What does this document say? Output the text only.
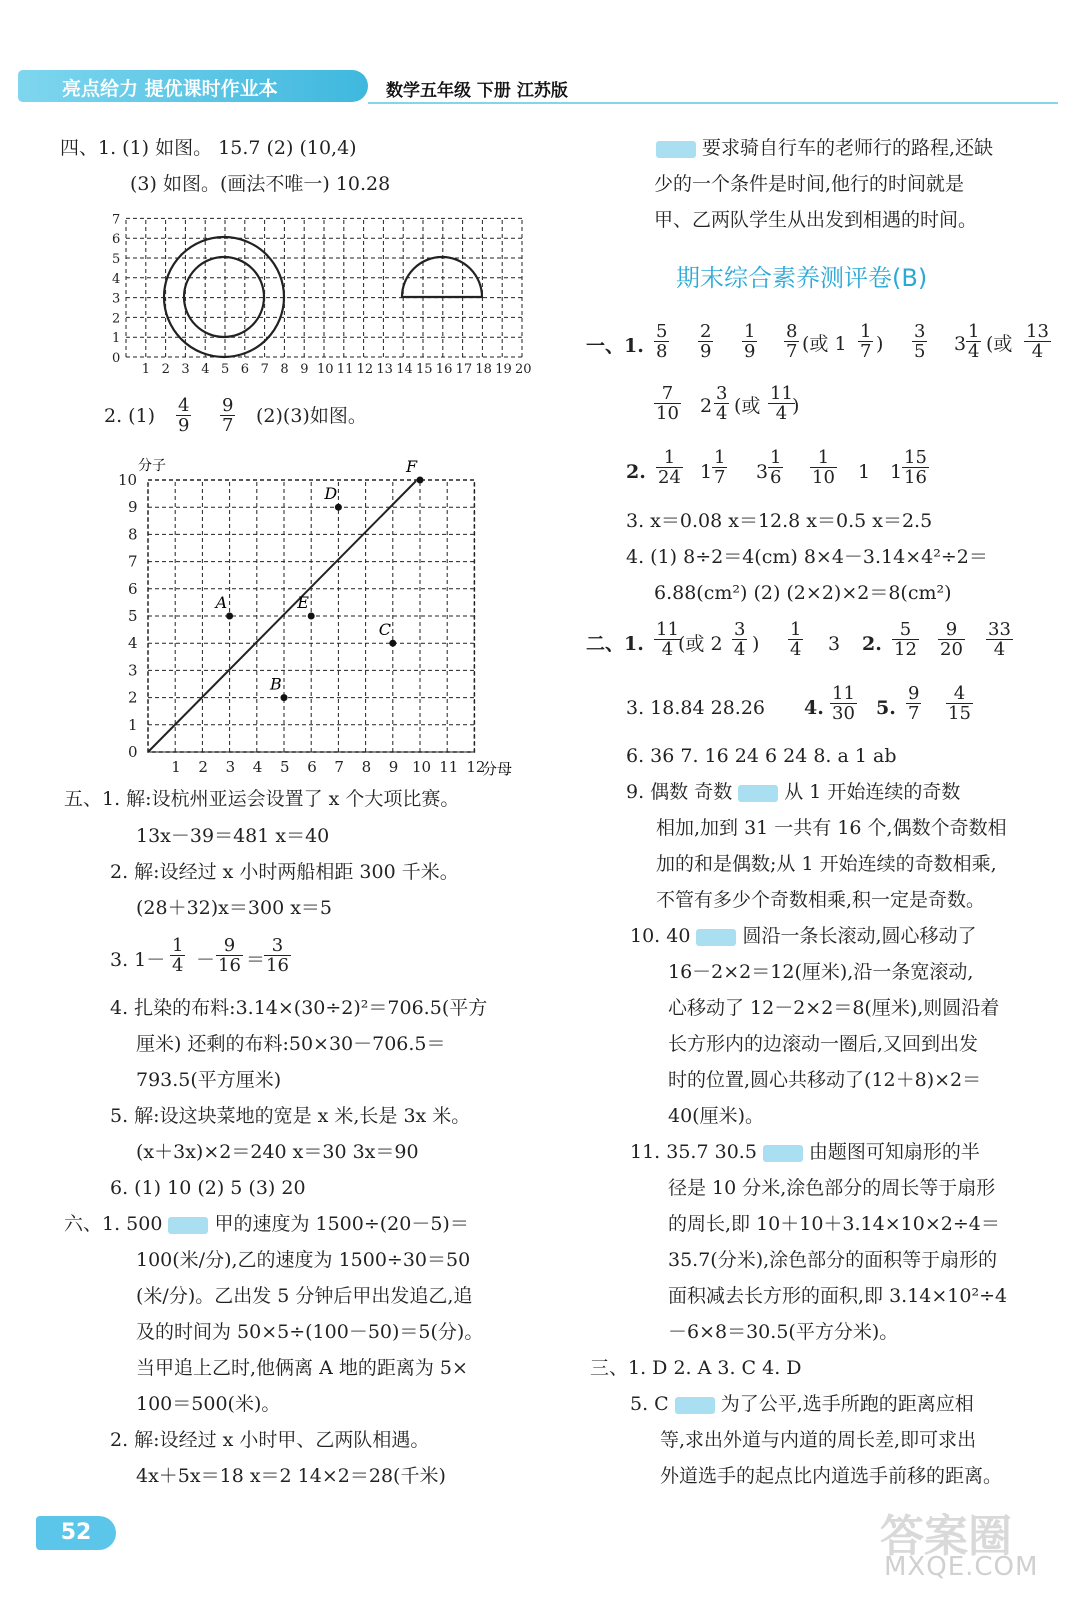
亮点给力 提优课时作业本	数学五年级 下册 江苏版
四、1. (1) 如图。 15.7 (2) (10,4)
(3) 如图。(画法不唯一) 10.28
7
6
5
4
3
2
1
0
1 2 3 4 5 6 7 8 9 10 11 12 13 14 15 16 17 18 19 20
2. $(1) \frac{4}{9} \frac{9}{7} (2)(3)$如图。
10
9
8
7
6
5
4
3
2
1
0
1 2 3 4 5 6 7 8 9 10 11 12
分子
分母
A
B
C
D
E
F
五、1. 解:设杭州亚运会设置了 x 个大项比赛。
13x－39＝481 x＝40
2. 解:设经过 x 小时两船相距 300 千米。
(28＋32)x＝300 x＝5
3. $1- \frac{1}{4} - \frac{9}{16}$ ＝
$\frac{3}{16}$
4. 扎染的布料:3.14×(30÷2)²＝706.5(平方
厘米) 还剩的布料:50×30－706.5＝
793.5(平方厘米)
5. 解:设这块菜地的宽是 x 米,长是 3x 米。
(x＋3x)×2＝240 x＝30 3x＝90
6. (1) 10 (2) 5 (3) 20
六、1. 500	甲的速度为 1500÷(20－5)＝
100(米/分),乙的速度为 1500÷30＝50
(米/分)。乙出发 5 分钟后甲出发追乙,追
及的时间为 50×5÷(100－50)＝5(分)。
当甲追上乙时,他俩离 A 地的距离为 5×
100＝500(米)。
2. 解:设经过 x 小时甲、乙两队相遇。
4x＋5x＝18 x＝2 14×2＝28(千米)
要求骑自行车的老师行的路程,还缺
少的一个条件是时间,他行的时间就是
甲、乙两队学生从出发到相遇的时间。
期末综合素养测评卷(B)
一、1. $\frac{5}{8} \frac{2}{9} \frac{1}{9} \frac{8}{7}$ (或 $1 \frac{1}{7}$ ) $\frac{3}{5} 3 \frac{1}{4}$ (或 $\frac{13}{4}$
$\frac{7}{10} 2 \frac{3}{4}$ (或 $\frac{11}{4}$
)
2. $\frac{1}{24} 1 \frac{1}{7} 3 \frac{1}{6} \frac{1}{10} 1$ $1 \frac{15}{16}$
3. x＝0.08 x＝12.8 x＝0.5 x＝2.5
4. (1) 8÷2＝4(cm) 8×4－3.14×4²÷2＝
6.88(cm²) (2) (2×2)×2＝8(cm²)
二、1. $\frac{11}{4}$
(或 $2 \frac{3}{4}$ ) $\frac{1}{4} 3$ 2. $\frac{5}{12} \frac{9}{20} \frac{33}{4}$
3. 18.84 28.26 4. $\frac{11}{30} 5$. $\frac{9}{7} \frac{4}{15}$
6. 36 7. 16 24 6 24 8. a 1 ab
9. 偶数 奇数	从 1 开始连续的奇数
相加,加到 31 一共有 16 个,偶数个奇数相
加的和是偶数;从 1 开始连续的奇数相乘,
不管有多少个奇数相乘,积一定是奇数。
10. 40	圆沿一条长滚动,圆心移动了
16－2×2＝12(厘米),沿一条宽滚动,
心移动了 12－2×2＝8(厘米),则圆沿着
长方形内的边滚动一圈后,又回到出发
时的位置,圆心共移动了(12＋8)×2＝
40(厘米)。
11. 35.7 30.5	由题图可知扇形的半
径是 10 分米,涂色部分的周长等于扇形
的周长,即 10＋10＋3.14×10×2÷4＝
35.7(分米),涂色部分的面积等于扇形的
面积减去长方形的面积,即 3.14×10²÷4
－6×8＝30.5(平方分米)。
三、1. D 2. A 3. C 4. D
5. C	为了公平,选手所跑的距离应相
等,求出外道与内道的周长差,即可求出
外道选手的起点比内道选手前移的距离。
52	答案圈
MXQE.COM
